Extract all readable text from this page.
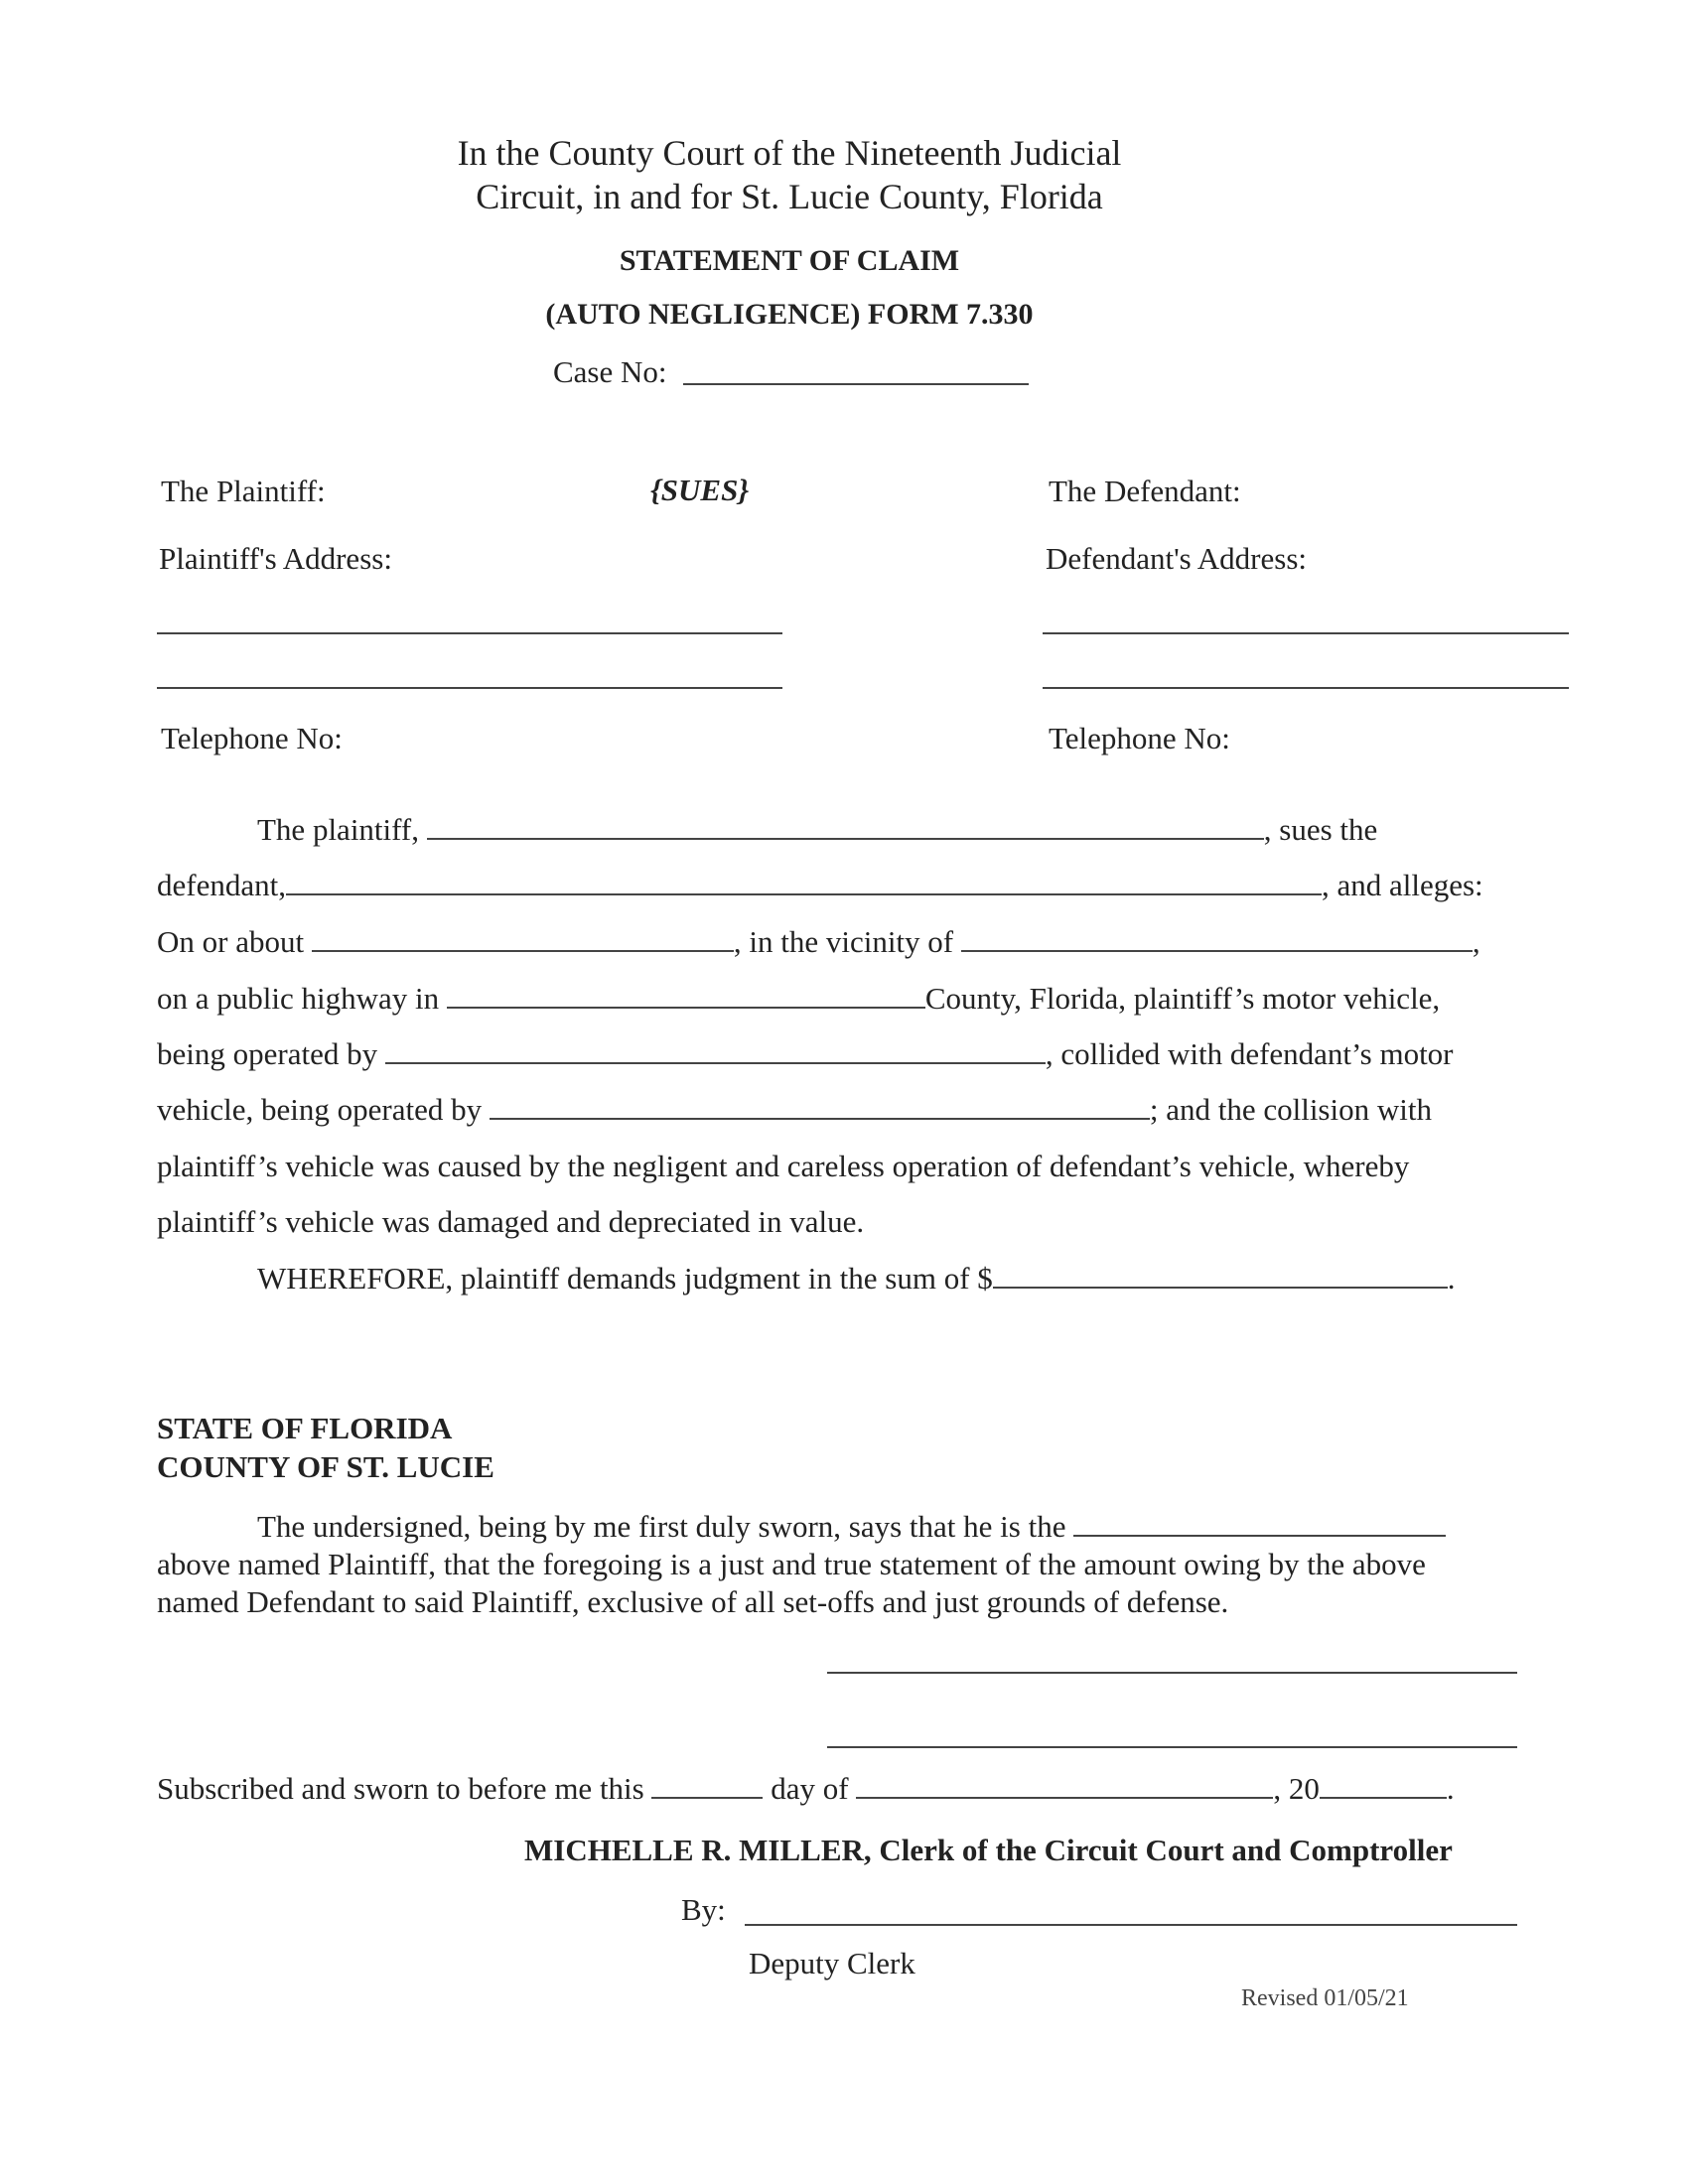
In the County Court of the Nineteenth Judicial
Circuit, in and for St. Lucie County, Florida
STATEMENT OF CLAIM
(AUTO NEGLIGENCE) FORM 7.330
Case No:
The Plaintiff:	{SUES}	The Defendant:
Plaintiff's Address:	Defendant's Address:
Telephone No:	Telephone No:
The plaintiff,	, sues the
defendant,	, and alleges:
On or about	, in the vicinity of	,
on a public highway in	County, Florida, plaintiff’s motor vehicle,
being operated by	, collided with defendant’s motor
vehicle, being operated by	; and the collision with
plaintiff’s vehicle was caused by the negligent and careless operation of defendant’s vehicle, whereby
plaintiff’s vehicle was damaged and depreciated in value.
WHEREFORE, plaintiff demands judgment in the sum of $	.
STATE OF FLORIDA
COUNTY OF ST. LUCIE
The undersigned, being by me first duly sworn, says that he is the
above named Plaintiff, that the foregoing is a just and true statement of the amount owing by the above
named Defendant to said Plaintiff, exclusive of all set-offs and just grounds of defense.
Subscribed and sworn to before me this	day of	, 20	.
MICHELLE R. MILLER, Clerk of the Circuit Court and Comptroller
By:
Deputy Clerk
Revised 01/05/21
